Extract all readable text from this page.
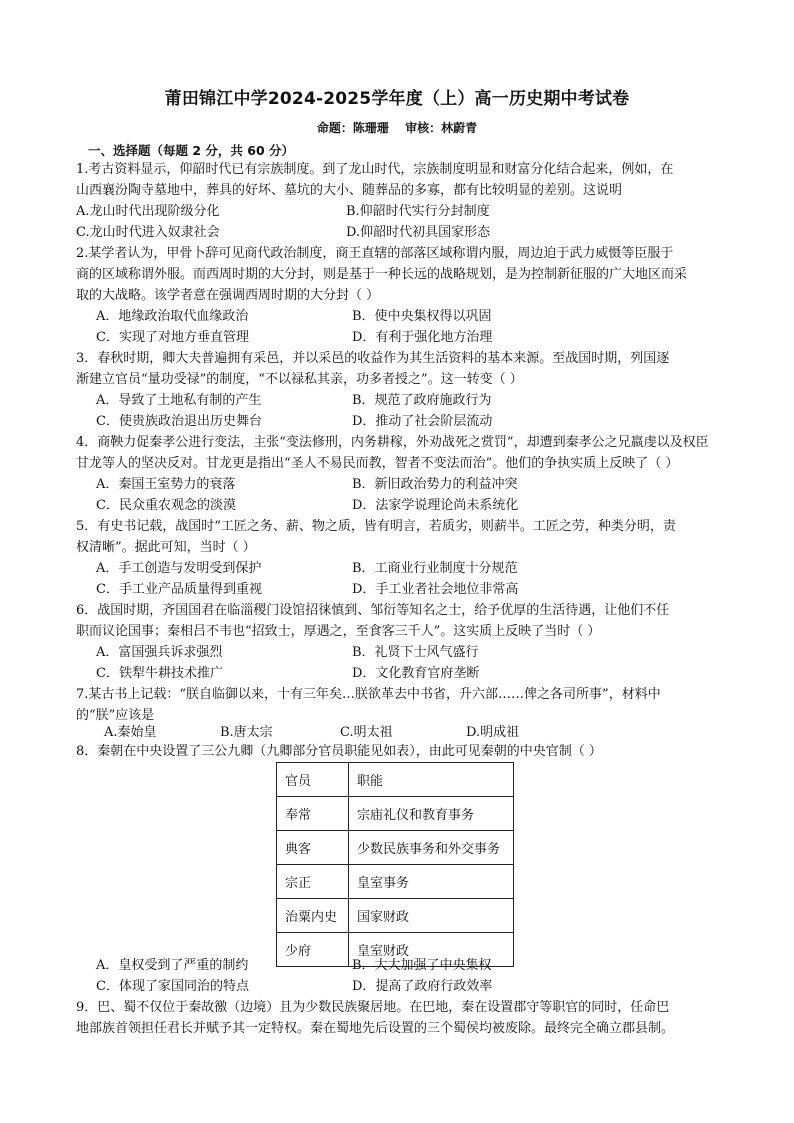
莆田锦江中学2024-2025学年度（上）高一历史期中考试卷
命题：陈珊珊 审核：林蔚青
一、选择题（每题 2 分，共 60 分）
1.考古资料显示，仰韶时代已有宗族制度。到了龙山时代，宗族制度明显和财富分化结合起来，例如，在
山西襄汾陶寺墓地中，葬具的好坏、墓坑的大小、随葬品的多寡，都有比较明显的差别。这说明
A.龙山时代出现阶级分化	B.仰韶时代实行分封制度
C.龙山时代进入奴隶社会	D.仰韶时代初具国家形态
2.某学者认为，甲骨卜辞可见商代政治制度，商王直辖的部落区域称谓内服，周边迫于武力威慑等臣服于
商的区域称谓外服。而西周时期的大分封，则是基于一种长远的战略规划，是为控制新征服的广大地区而采
取的大战略。该学者意在强调西周时期的大分封（ ）
A．地缘政治取代血缘政治	B．使中央集权得以巩固
C．实现了对地方垂直管理	D．有利于强化地方治理
3．春秋时期，卿大夫普遍拥有采邑，并以采邑的收益作为其生活资料的基本来源。至战国时期，列国逐
渐建立官员“量功受禄”的制度，“不以禄私其亲，功多者授之”。这一转变（ ）
A．导致了土地私有制的产生	B．规范了政府施政行为
C．使贵族政治退出历史舞台	D．推动了社会阶层流动
4．商鞅力促秦孝公进行变法，主张“变法修刑，内务耕稼，外劝战死之赏罚”，却遭到秦孝公之兄嬴虔以及权臣
甘龙等人的坚决反对。甘龙更是指出“圣人不易民而教，智者不变法而治”。他们的争执实质上反映了（ ）
A．秦国王室势力的衰落	B．新旧政治势力的利益冲突
C．民众重农观念的淡漠	D．法家学说理论尚未系统化
5．有史书记载，战国时“工匠之务、薪、物之质，皆有明言，若质劣，则薪半。工匠之劳，种类分明，责
权清晰”。据此可知，当时（ ）
A．手工创造与发明受到保护	B．工商业行业制度十分规范
C．手工业产品质量得到重视	D．手工业者社会地位非常高
6．战国时期，齐国国君在临淄稷门设馆招徕慎到、邹衍等知名之士，给予优厚的生活待遇，让他们不任
职而议论国事；秦相吕不韦也“招致士，厚遇之，至食客三千人”。这实质上反映了当时（ ）
A．富国强兵诉求强烈	B．礼贤下士风气盛行
C．铁犁牛耕技术推广	D．文化教育官府垄断
7.某古书上记载：“朕自临御以来，十有三年矣…朕欲革去中书省，升六部……俾之各司所事”，材料中
的“朕”应该是
A.秦始皇	B.唐太宗	C.明太祖	D.明成祖
8．秦朝在中央设置了三公九卿（九卿部分官员职能见如表），由此可见秦朝的中央官制（ ）
官员	职能
奉常	宗庙礼仪和教育事务
典客	少数民族事务和外交事务
宗正	皇室事务
治粟内史	国家财政
少府	皇室财政
A．皇权受到了严重的制约	B．大大加强了中央集权
C．体现了家国同治的特点	D．提高了政府行政效率
9．巴、蜀不仅位于秦故徼（边境）且为少数民族聚居地。在巴地，秦在设置郡守等职官的同时，任命巴
地部族首领担任君长并赋予其一定特权。秦在蜀地先后设置的三个蜀侯均被废除。最终完全确立郡县制。
